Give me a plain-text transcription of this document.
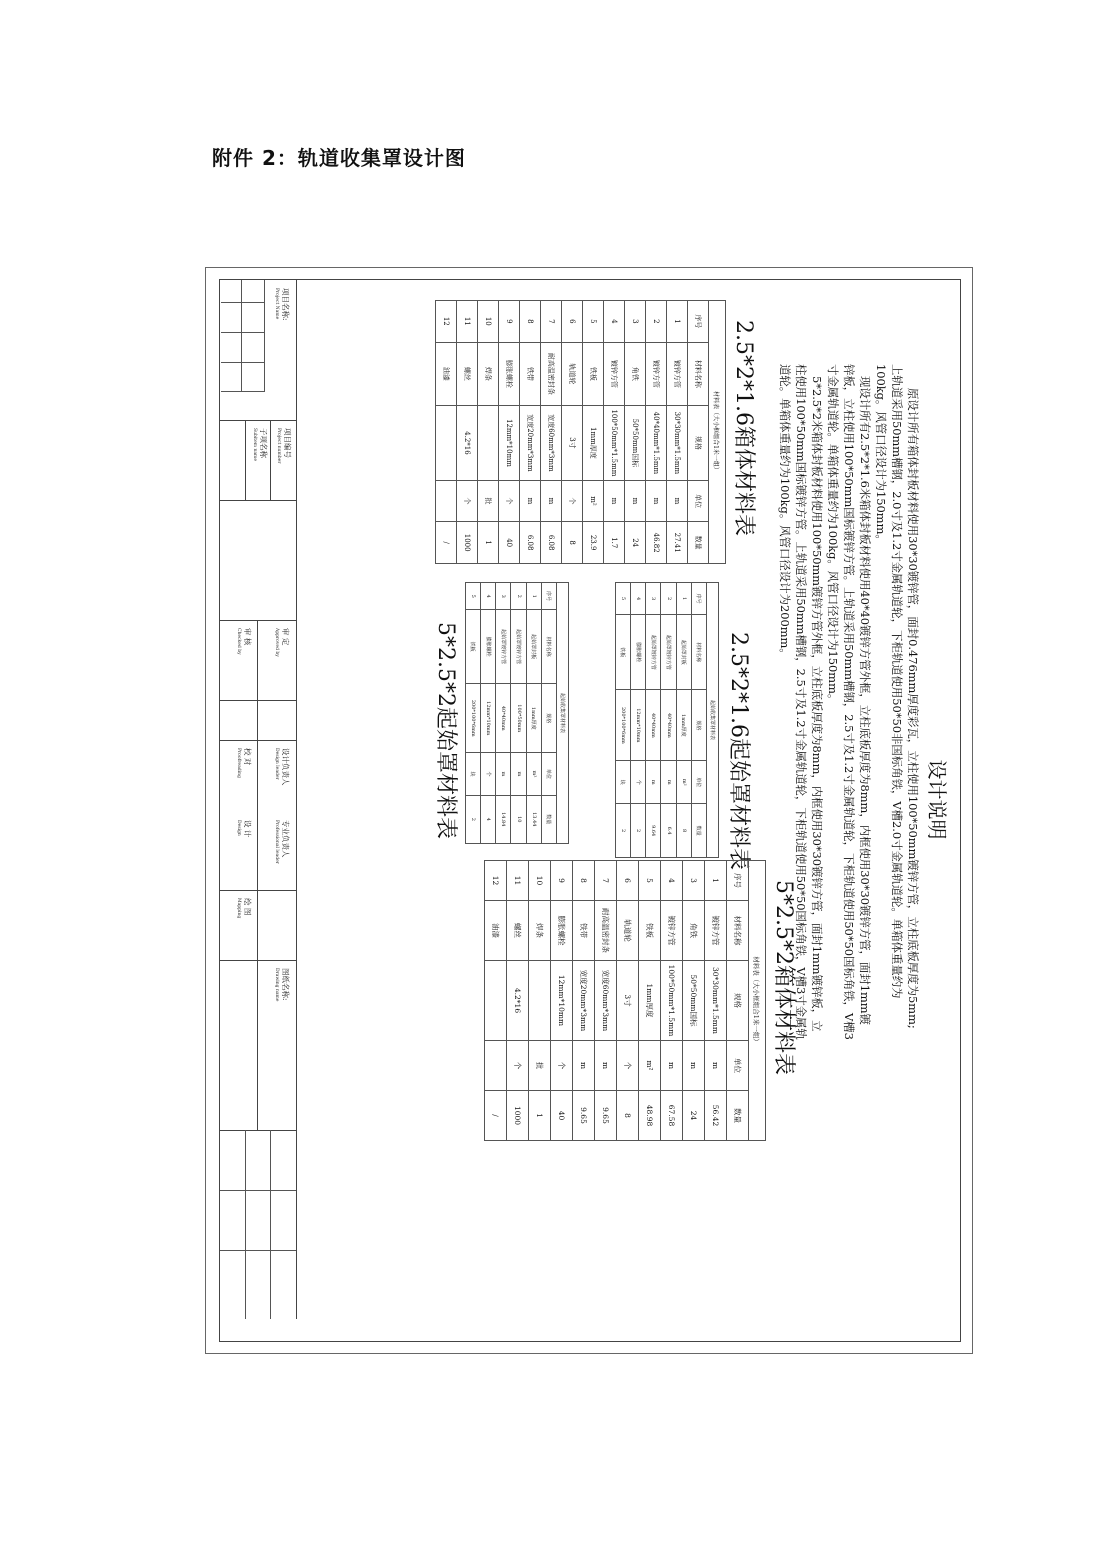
附件 2：轨道收集罩设计图
设计说明
原设计所有箱体封板材料使用30*30镀锌管，面封0.476mm厚度彩瓦，立柱使用100*50mm镀锌方管，立柱底板厚度为5mm;
上轨道采用50mm槽钢，2.0寸及1.2寸金属轨道轮，下柜轨道使用50*50非国标角铁，V槽2.0寸金属轨道轮。单箱体重量约为
100kg。风管口径设计为150mm。
现设计所有2.5*2*1.6米箱体封板材料使用40*40镀锌方管外框，立柱底板厚度为8mm，内框使用30*30镀锌方管，面封1mm镀
锌板，立柱使用100*50mm国标镀锌方管。上轨道采用50mm槽钢，2.5寸及1.2寸金属轨道轮，下柜轨道使用50*50国标角铁，V槽3
寸金属轨道轮。单箱体重量约为100kg。风管口径设计为150mm。
5*2.5*2米箱体封板材料使用100*50mm镀锌方管外框，立柱底板厚度为8mm，内框使用30*30镀锌方管，面封1mm镀锌板，立
柱使用100*50mm国标镀锌方管。上轨道采用50mm槽钢，2.5寸及1.2寸金属轨道轮，下柜轨道使用50*50国标角铁，V槽3寸金属轨
道轮。单箱体重量约为100kg。风管口径设计为200mm。
2.5*2*1.6箱体材料表
材料表（大小框组合1米一组）				
序号	材料名称	规格	单位	数量
1	镀锌方管	30*30mm*1.5mm	m	27.41
2	镀锌方管	40*40mm*1.5mm	m	46.82
3	角铁	50*50mm国标	m	24
4	镀锌方管	100*50mm*1.5mm	m	1.7
5	铁板	1mm厚度	m²	23.9
6	轨道轮	3寸	个	8
7	耐高温密封条	宽度60mm*3mm	m	6.08
8	铁带	宽度20mm*3mm	m	6.08
9	膨胀螺栓	12mm*10mm	个	40
10	焊条		批	1
11	螺丝	4.2*16	个	1000
12	油漆			/
2.5*2*1.6起始罩材料表
起始收集罩材料表				
序号	材料名称	规格	单位	数量
1	起始罩封板	1mm厚度	m²	8
2	起始罩镀锌方管	40*40mm	m	6.4
3	起始罩镀锌方管	40*40mm	m	9.64
4	膨胀螺栓	12mm*10mm	个	2
5	铁板	200*100*6mm	块	2
起始收集罩材料表				
序号	材料名称	规格	单位	数量
1	起始罩封板	1mm厚度	m²	13.44
2	起始罩镀锌方管	100*50mm	m	10
3	起始罩镀锌方管	40*40mm	m	14.84
4	膨胀螺栓	12mm*10mm	个	4
5	铁板	200*100*6mm	块	2
5*2.5*2起始罩材料表
5*2.5*2箱体材料表
材料表（大小框组合1米一组）				
序号	材料名称	规格	单位	数量
1	镀锌方管	30*30mm*1.5mm	m	56.42
3	角铁	50*50mm国标	m	24
4	镀锌方管	100*50mm*1.5mm	m	67.58
5	铁板	1mm厚度	m²	48.98
6	轨道轮	3寸	个	8
7	耐高温密封条	宽度60mm*3mm	m	9.65
8	铁带	宽度20mm*3mm	m	9.65
9	膨胀螺栓	12mm*10mm	个	40
10	焊条		批	1
11	螺丝	4.2*16	个	1000
12	油漆			/
项目名称:
Project Name
项目编号
Project number
子项名称
Subitem name
审 定
Approved by
审 核
Checked by
设计负责人
Design leader
校 对
Proofreading
专业负责人
Professional leader
设 计
Design
绘 图
Mapping
图纸名称:
Drawing name
